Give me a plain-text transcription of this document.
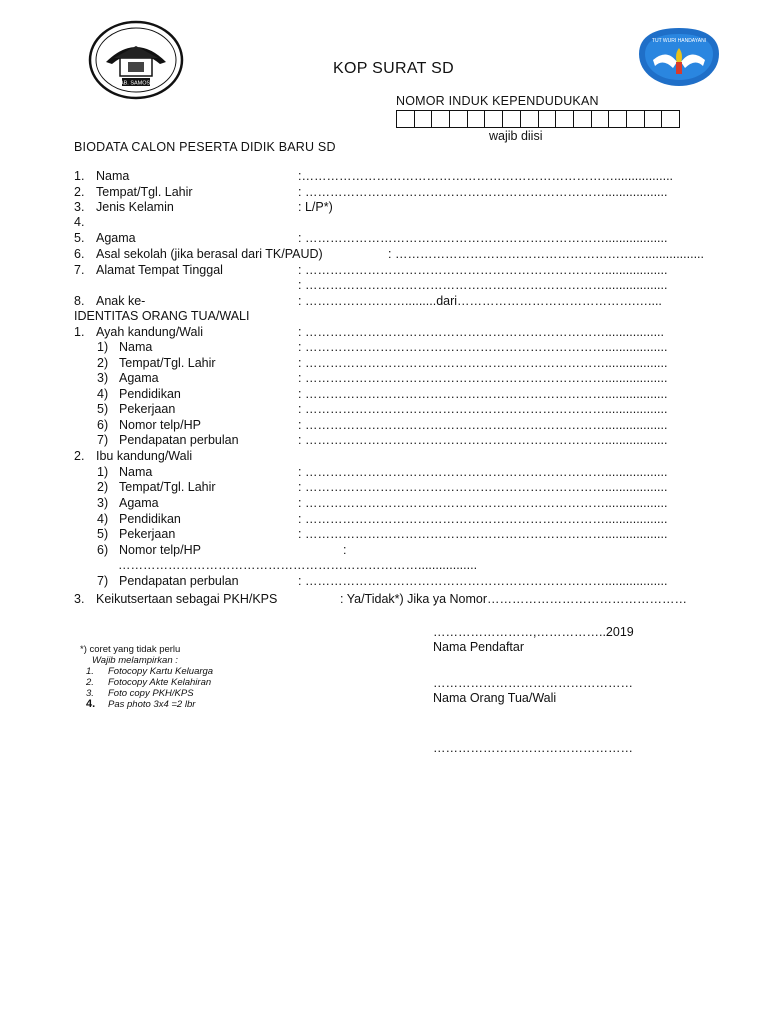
KAB. SAMOSIR
KOP SURAT SD
TUT WURI HANDAYANI
NOMOR INDUK KEPENDUDUKAN
wajib diisi
BIODATA CALON PESERTA DIDIK BARU SD
1. Nama	:………………………………………………………………….................
2. Tempat/Tgl. Lahir	: ………………………………………………………………..................
3. Jenis Kelamin	: L/P*)
4.
5. Agama	: ………………………………………………………………..................
6. Asal sekolah (jika berasal dari TK/PAUD)	: …………………………………………………….................
7. Alamat Tempat Tinggal	: ………………………………………………………………..................
: ………………………………………………………………..................
8. Anak ke-	: …………………….........dari…………………………………….…....
IDENTITAS ORANG TUA/WALI
1. Ayah kandung/Wali	: ……………………………………………………………….................
1) Nama	: ………………………………………………………………..................
2) Tempat/Tgl. Lahir	: ………………………………………………………………..................
3) Agama	: ………………………………………………………………..................
4) Pendidikan	: ………………………………………………………………..................
5) Pekerjaan	: ………………………………………………………………..................
6) Nomor telp/HP	: ………………………………………………………………..................
7) Pendapatan perbulan	: ………………………………………………………………..................
2. Ibu kandung/Wali
1) Nama	: ………………………………………………………………..................
2) Tempat/Tgl. Lahir	: ………………………………………………………………..................
3) Agama	: ………………………………………………………………..................
4) Pendidikan	: ………………………………………………………………..................
5) Pekerjaan	: ………………………………………………………………..................
6) Nomor telp/HP	:
……………………………………………………………….................
7) Pendapatan perbulan	: ………………………………………………………………..................
3. Keikutsertaan sebagai PKH/KPS	: Ya/Tidak*) Jika ya Nomor…………………………………………
*) coret yang tidak perlu
Wajib melampirkan :
1. Fotocopy Kartu Keluarga
2. Fotocopy Akte Kelahiran
3. Foto copy PKH/KPS
4. Pas photo 3x4 =2 lbr
……………………,……………..2019
Nama Pendaftar
…………………………………………
Nama Orang Tua/Wali
…………………………………………
